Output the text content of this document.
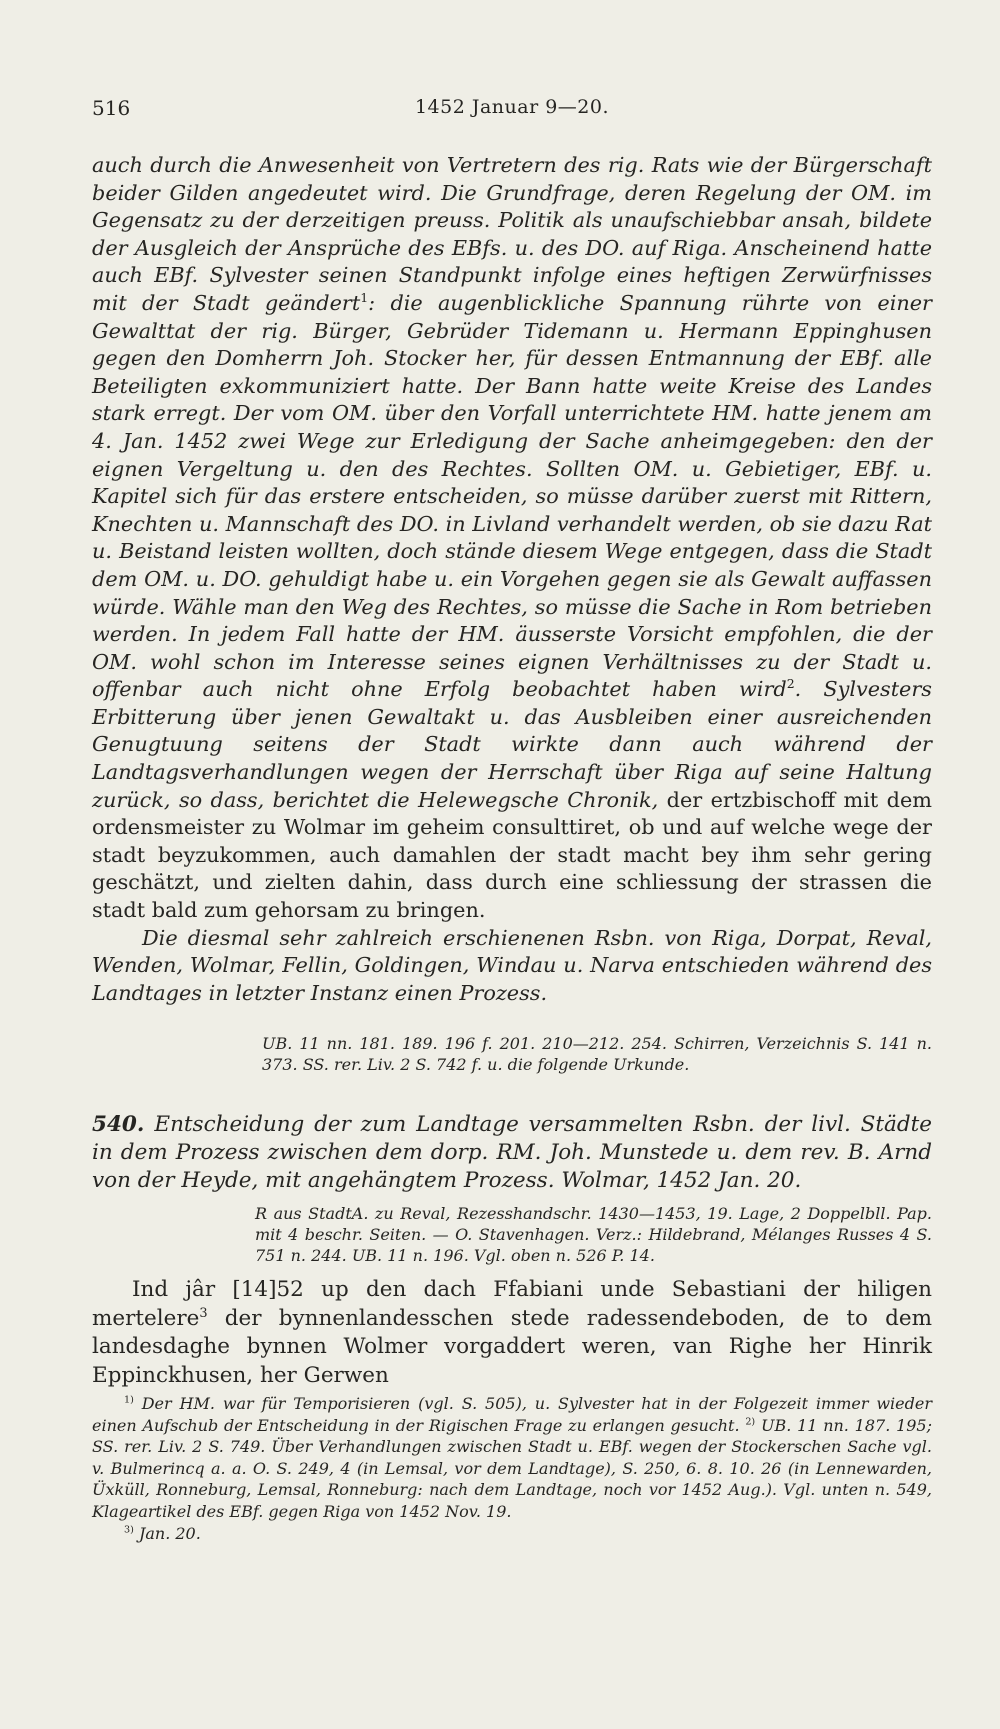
516	1452 Januar 9—20.

auch durch die Anwesenheit von Vertretern des rig. Rats wie der Bürgerschaft beider Gilden angedeutet wird. Die Grundfrage, deren Regelung der OM. im Gegensatz zu der derzeitigen preuss. Politik als unaufschiebbar ansah, bildete der Ausgleich der Ansprüche des EBfs. u. des DO. auf Riga. Anscheinend hatte auch EBf. Sylvester seinen Standpunkt infolge eines heftigen Zerwürfnisses mit der Stadt geändert$^1$: die augenblickliche Spannung rührte von einer Gewalttat der rig. Bürger, Gebrüder Tidemann u. Hermann Eppinghusen gegen den Domherrn Joh. Stocker her, für dessen Entmannung der EBf. alle Beteiligten exkommuniziert hatte. Der Bann hatte weite Kreise des Landes stark erregt. Der vom OM. über den Vorfall unterrichtete HM. hatte jenem am 4. Jan. 1452 zwei Wege zur Erledigung der Sache anheimgegeben: den der eignen Vergeltung u. den des Rechtes. Sollten OM. u. Gebietiger, EBf. u. Kapitel sich für das erstere entscheiden, so müsse darüber zuerst mit Rittern, Knechten u. Mannschaft des DO. in Livland verhandelt werden, ob sie dazu Rat u. Beistand leisten wollten, doch stände diesem Wege entgegen, dass die Stadt dem OM. u. DO. gehuldigt habe u. ein Vorgehen gegen sie als Gewalt auffassen würde. Wähle man den Weg des Rechtes, so müsse die Sache in Rom betrieben werden. In jedem Fall hatte der HM. äusserste Vorsicht empfohlen, die der OM. wohl schon im Interesse seines eignen Verhältnisses zu der Stadt u. offenbar auch nicht ohne Erfolg beobachtet haben wird$^2$. Sylvesters Erbitterung über jenen Gewaltakt u. das Ausbleiben einer ausreichenden Genugtuung seitens der Stadt wirkte dann auch während der Landtagsverhandlungen wegen der Herrschaft über Riga auf seine Haltung zurück, so dass, berichtet die Helewegsche Chronik, der ertzbischoff mit dem ordensmeister zu Wolmar im geheim consulttiret, ob und auf welche wege der stadt beyzukommen, auch damahlen der stadt macht bey ihm sehr gering geschätzt, und zielten dahin, dass durch eine schliessung der strassen die stadt bald zum gehorsam zu bringen.

Die diesmal sehr zahlreich erschienenen Rsbn. von Riga, Dorpat, Reval, Wenden, Wolmar, Fellin, Goldingen, Windau u. Narva entschieden während des Landtages in letzter Instanz einen Prozess.

UB. 11 nn. 181. 189. 196 f. 201. 210—212. 254. Schirren, Verzeichnis S. 141 n. 373. SS. rer. Liv. 2 S. 742 f. u. die folgende Urkunde.
540. Entscheidung der zum Landtage versammelten Rsbn. der livl. Städte in dem Prozess zwischen dem dorp. RM. Joh. Munstede u. dem rev. B. Arnd von der Heyde, mit angehängtem Prozess. Wolmar, 1452 Jan. 20.
R aus StadtA. zu Reval, Rezesshandschr. 1430—1453, 19. Lage, 2 Doppelbll. Pap. mit 4 beschr. Seiten. — O. Stavenhagen. Verz.: Hildebrand, Mélanges Russes 4 S. 751 n. 244. UB. 11 n. 196. Vgl. oben n. 526 P. 14.

Ind jâr [14]52 up den dach Ffabiani unde Sebastiani der hiligen mertelere$^3$ der bynnenlandesschen stede radessendeboden, de to dem landesdaghe bynnen Wolmer vorgaddert weren, van Righe her Hinrik Eppinckhusen, her Gerwen

$^{1)}$ Der HM. war für Temporisieren (vgl. S. 505), u. Sylvester hat in der Folgezeit immer wieder einen Aufschub der Entscheidung in der Rigischen Frage zu erlangen gesucht. $^{2)}$ UB. 11 nn. 187. 195; SS. rer. Liv. 2 S. 749. Über Verhandlungen zwischen Stadt u. EBf. wegen der Stockerschen Sache vgl. v. Bulmerincq a. a. O. S. 249, 4 (in Lemsal, vor dem Landtage), S. 250, 6. 8. 10. 26 (in Lennewarden, Üxküll, Ronneburg, Lemsal, Ronneburg: nach dem Landtage, noch vor 1452 Aug.). Vgl. unten n. 549, Klageartikel des EBf. gegen Riga von 1452 Nov. 19.

$^{3)}$ Jan. 20.
